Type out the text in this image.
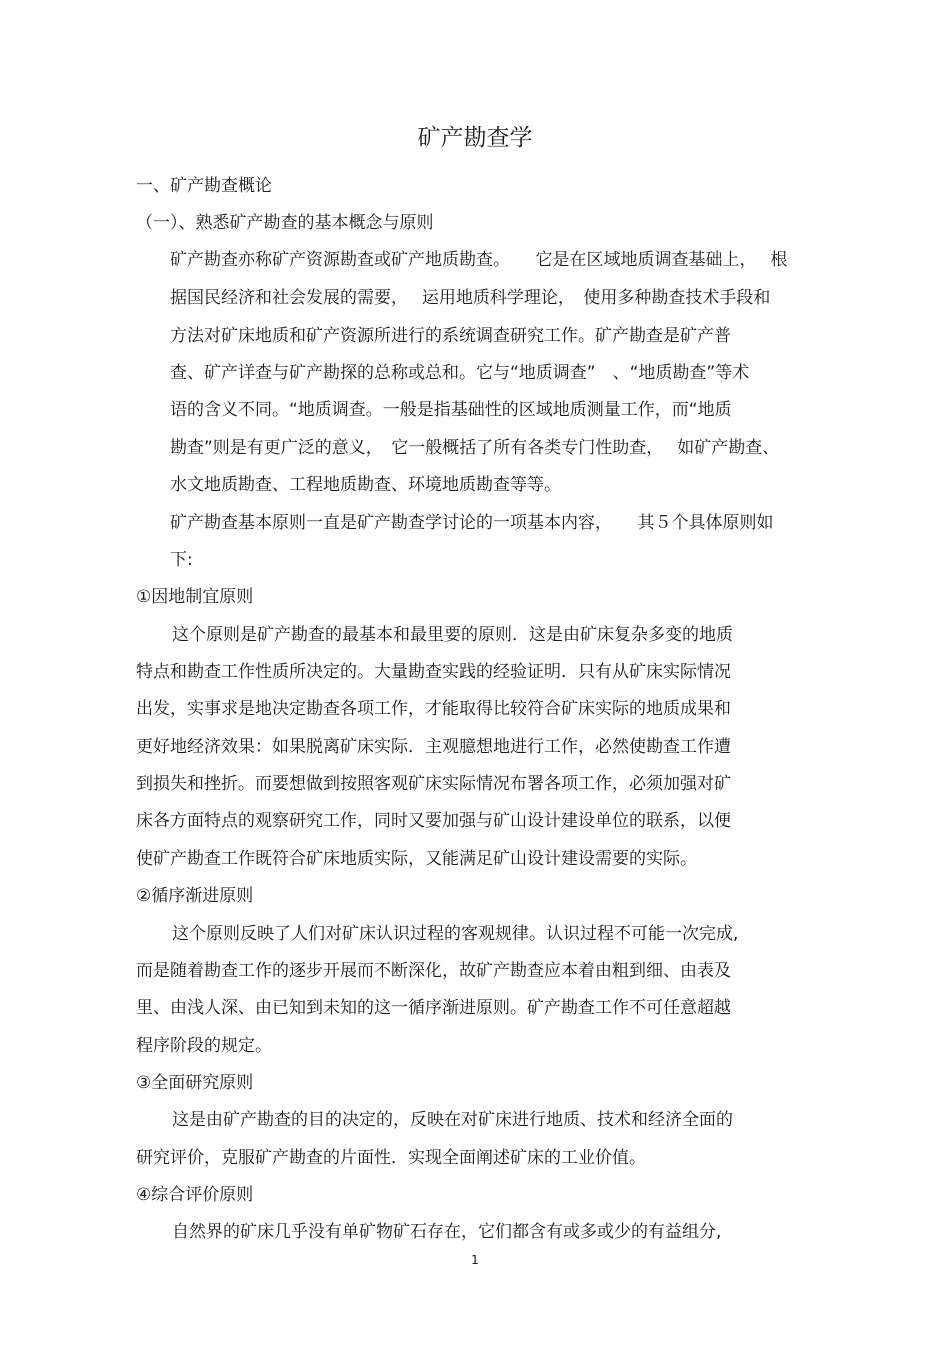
矿产勘查学

一、矿产勘查概论

（一）、熟悉矿产勘查的基本概念与原则

矿产勘查亦称矿产资源勘查或矿产地质勘查。　　它是在区域地质调查基础上，　 根

据国民经济和社会发展的需要，　 运用地质科学理论，　使用多种勘查技术手段和

方法对矿床地质和矿产资源所进行的系统调查研究工作。矿产勘查是矿产普

查、矿产详查与矿产勘探的总称或总和。它与“地质调查”　、“地质勘查”等术

语的含义不同。“地质调查。一般是指基础性的区域地质测量工作，而“地质

勘查”则是有更广泛的意义，　它一般概括了所有各类专门性助查，　 如矿产勘查、

水文地质勘查、工程地质勘查、环境地质勘查等等。

矿产勘查基本原则一直是矿产勘查学讨论的一项基本内容，　　其５个具体原则如

下:

①因地制宜原则

这个原则是矿产勘查的最基本和最里要的原则．这是由矿床复杂多变的地质

特点和勘查工作性质所决定的。大量勘查实践的经验证明．只有从矿床实际情况

出发，实事求是地决定勘查各项工作，才能取得比较符合矿床实际的地质成果和

更好地经济效果：如果脱离矿床实际．主观臆想地进行工作，必然使勘查工作遭

到损失和挫折。而要想做到按照客观矿床实际情况布署各项工作，必须加强对矿

床各方面特点的观察研究工作，同时又要加强与矿山设计建设单位的联系，以便

使矿产勘查工作既符合矿床地质实际，又能满足矿山设计建设需要的实际。

②循序渐进原则

这个原则反映了人们对矿床认识过程的客观规律。认识过程不可能一次完成,

而是随着勘查工作的逐步开展而不断深化，故矿产勘查应本着由粗到细、由表及

里、由浅人深、由已知到未知的这一循序渐进原则。矿产勘查工作不可任意超越

程序阶段的规定。

③全面研究原则

这是由矿产勘查的目的决定的，反映在对矿床进行地质、技术和经济全面的

研究评价，克服矿产勘查的片面性．实现全面阐述矿床的工业价值。

④综合评价原则

自然界的矿床几乎没有单矿物矿石存在，它们都含有或多或少的有益组分,

1
